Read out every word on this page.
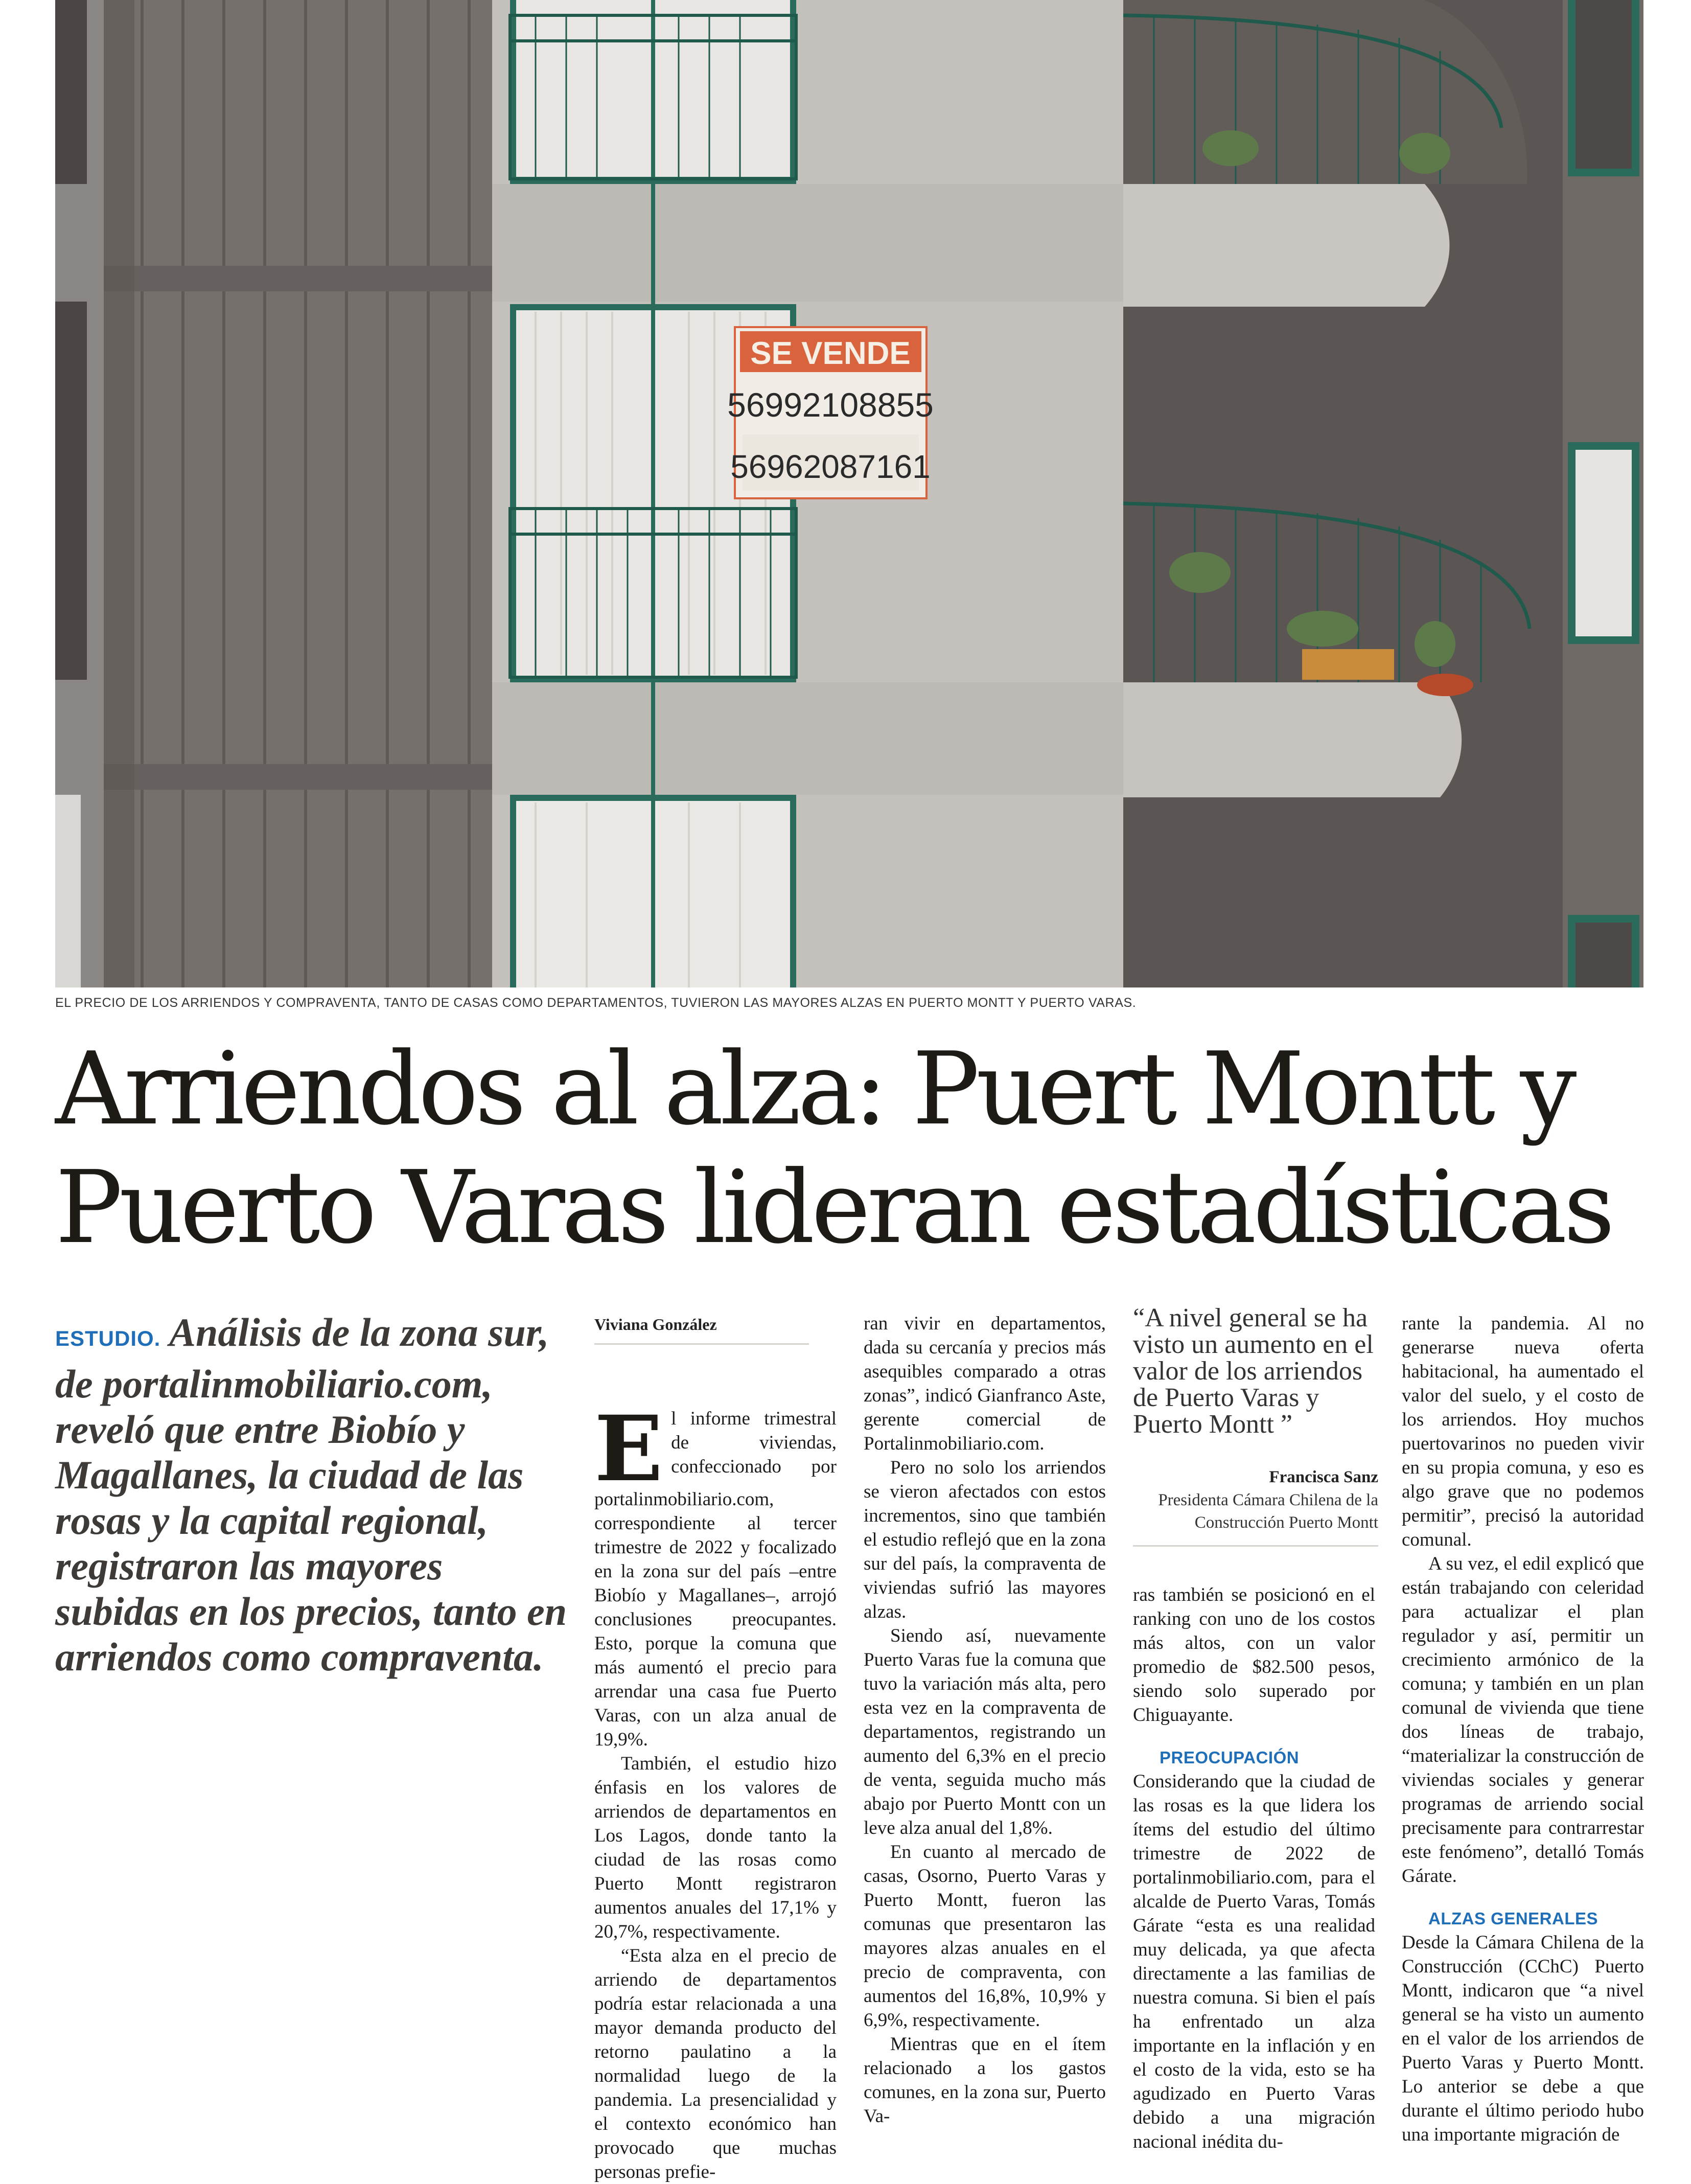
SE VENDE
56992108855
56962087161
EL PRECIO DE LOS ARRIENDOS Y COMPRAVENTA, TANTO DE CASAS COMO DEPARTAMENTOS, TUVIERON LAS MAYORES ALZAS EN PUERTO MONTT Y PUERTO VARAS.
Arriendos al alza: Puert Montt y
Puerto Varas lideran estadísticas
ESTUDIO. Análisis de la zona sur, de portalinmobiliario.com, reveló que entre Biobío y Magallanes, la ciudad de las rosas y la capital regional, registraron las mayores subidas en los precios, tanto en arriendos como compraventa.
Viviana González
E l informe trimestral de viviendas, confeccionado por portalinmobiliario.com, correspondiente al tercer trimestre de 2022 y focalizado en la zona sur del país –entre Biobío y Magallanes–, arrojó conclusiones preocupantes. Esto, porque la comuna que más aumentó el precio para arrendar una casa fue Puerto Varas, con un alza anual de 19,9%.

También, el estudio hizo énfasis en los valores de arriendos de departamentos en Los Lagos, donde tanto la ciudad de las rosas como Puerto Montt registraron aumentos anuales del 17,1% y 20,7%, respectivamente.

“Esta alza en el precio de arriendo de departamentos podría estar relacionada a una mayor demanda producto del retorno paulatino a la normalidad luego de la pandemia. La presencialidad y el contexto económico han provocado que muchas personas prefie-

ran vivir en departamentos, dada su cercanía y precios más asequibles comparado a otras zonas”, indicó Gianfranco Aste, gerente comercial de Portalinmobiliario.com.

Pero no solo los arriendos se vieron afectados con estos incrementos, sino que también el estudio reflejó que en la zona sur del país, la compraventa de viviendas sufrió las mayores alzas.

Siendo así, nuevamente Puerto Varas fue la comuna que tuvo la variación más alta, pero esta vez en la compraventa de departamentos, registrando un aumento del 6,3% en el precio de venta, seguida mucho más abajo por Puerto Montt con un leve alza anual del 1,8%.

En cuanto al mercado de casas, Osorno, Puerto Varas y Puerto Montt, fueron las comunas que presentaron las mayores alzas anuales en el precio de compraventa, con aumentos del 16,8%, 10,9% y 6,9%, respectivamente.

Mientras que en el ítem relacionado a los gastos comunes, en la zona sur, Puerto Va-

“A nivel general se ha visto un aumento en el valor de los arriendos de Puerto Varas y Puerto Montt ”
Francisca Sanz
Presidenta Cámara Chilena de la Construcción Puerto Montt

ras también se posicionó en el ranking con uno de los costos más altos, con un valor promedio de $82.500 pesos, siendo solo superado por Chiguayante.

PREOCUPACIÓN

Considerando que la ciudad de las rosas es la que lidera los ítems del estudio del último trimestre de 2022 de portalinmobiliario.com, para el alcalde de Puerto Varas, Tomás Gárate “esta es una realidad muy delicada, ya que afecta directamente a las familias de nuestra comuna. Si bien el país ha enfrentado un alza importante en la inflación y en el costo de la vida, esto se ha agudizado en Puerto Varas debido a una migración nacional inédita du-

rante la pandemia. Al no generarse nueva oferta habitacional, ha aumentado el valor del suelo, y el costo de los arriendos. Hoy muchos puertovarinos no pueden vivir en su propia comuna, y eso es algo grave que no podemos permitir”, precisó la autoridad comunal.

A su vez, el edil explicó que están trabajando con celeridad para actualizar el plan regulador y así, permitir un crecimiento armónico de la comuna; y también en un plan comunal de vivienda que tiene dos líneas de trabajo, “materializar la construcción de viviendas sociales y generar programas de arriendo social precisamente para contrarrestar este fenómeno”, detalló Tomás Gárate.

ALZAS GENERALES

Desde la Cámara Chilena de la Construcción (CChC) Puerto Montt, indicaron que “a nivel general se ha visto un aumento en el valor de los arriendos de Puerto Varas y Puerto Montt. Lo anterior se debe a que durante el último periodo hubo una importante migración de
